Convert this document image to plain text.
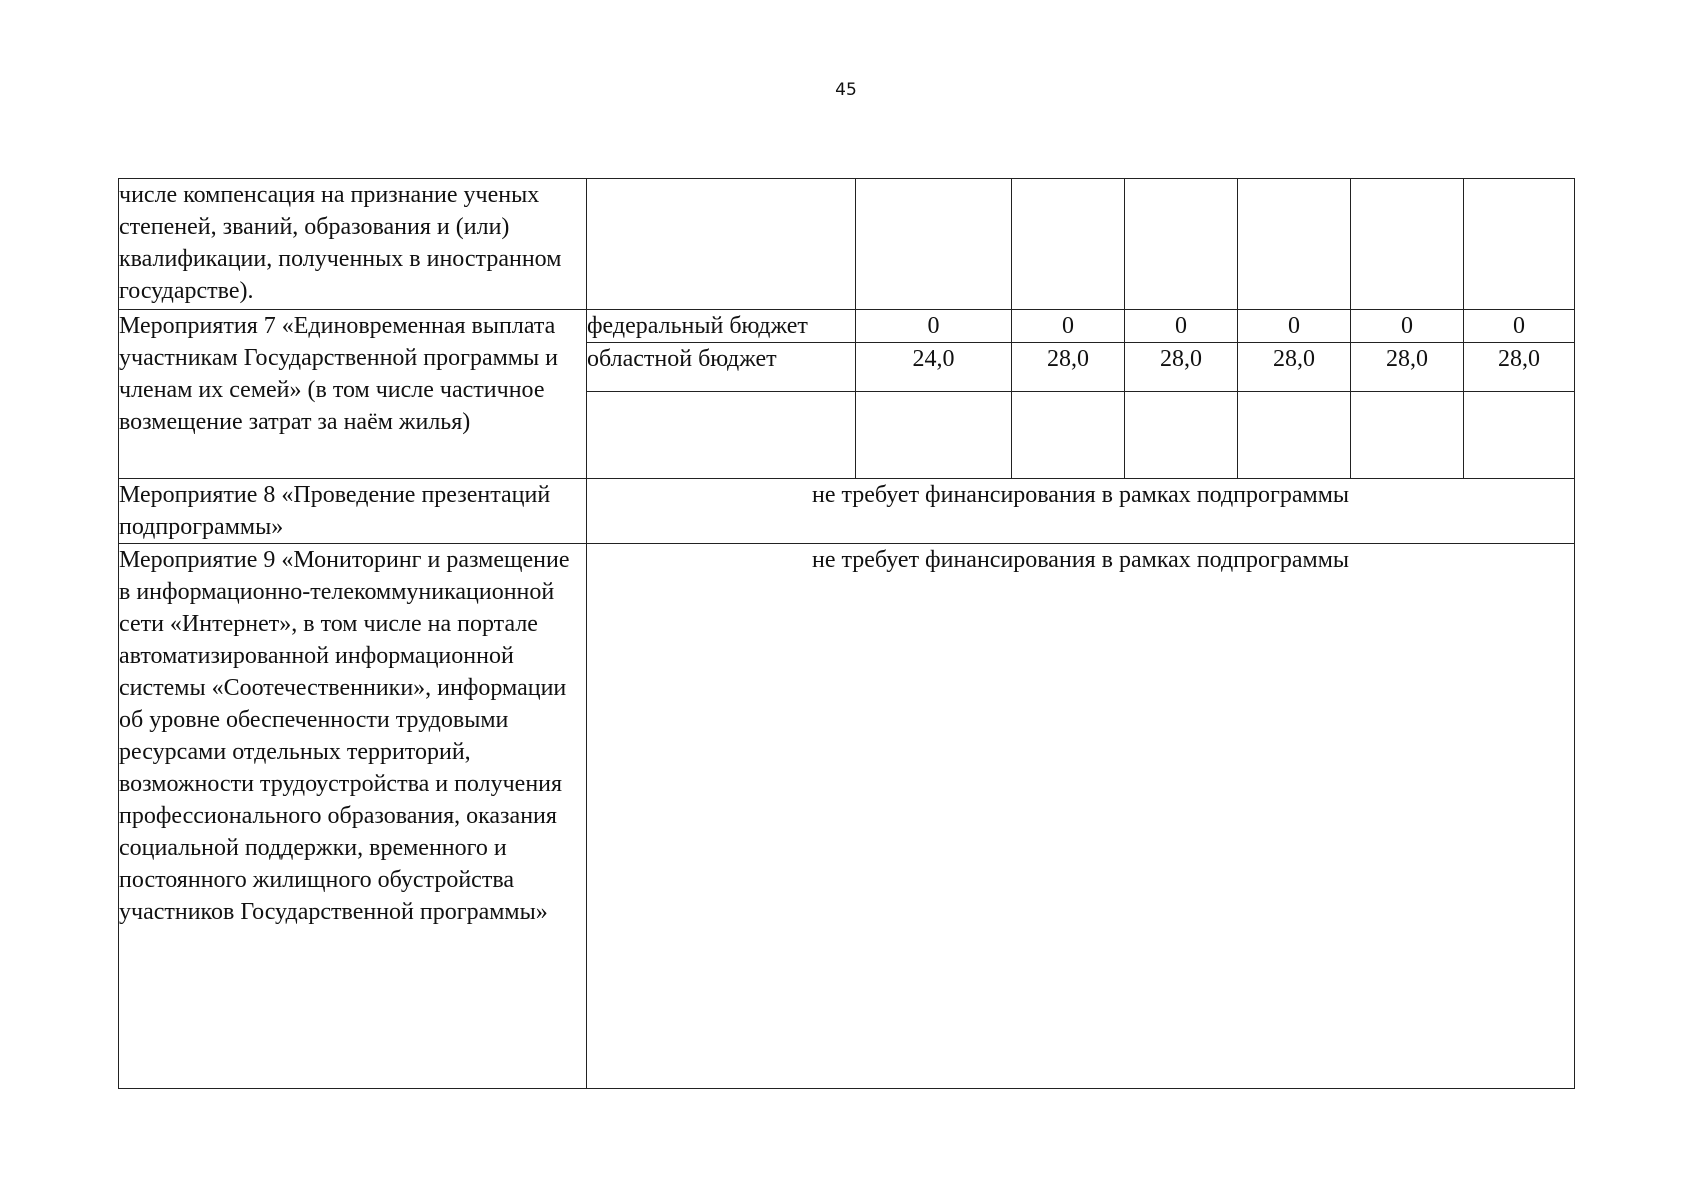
45
числе компенсация на признание ученых степеней, званий, образования и (или) квалификации, полученных в иностранном государстве).							
Мероприятия 7 «Единовременная выплата участникам Государственной программы и членам их семей» (в том числе частичное возмещение затрат за наём жилья)	федеральный бюджет	0	0	0	0	0	0
	областной бюджет	24,0	28,0	28,0	28,0	28,0	28,0

Мероприятие 8 «Проведение презентаций подпрограммы»	не требует финансирования в рамках подпрограммы						
Мероприятие 9 «Мониторинг и размещение в информационно-телекоммуникационной сети «Интернет», в том числе на портале автоматизированной информационной системы «Соотечественники», информации об уровне обеспеченности трудовыми ресурсами отдельных территорий, возможности трудоустройства и получения профессионального образования, оказания социальной поддержки, временного и постоянного жилищного обустройства участников Государственной программы»	не требует финансирования в рамках подпрограммы						
